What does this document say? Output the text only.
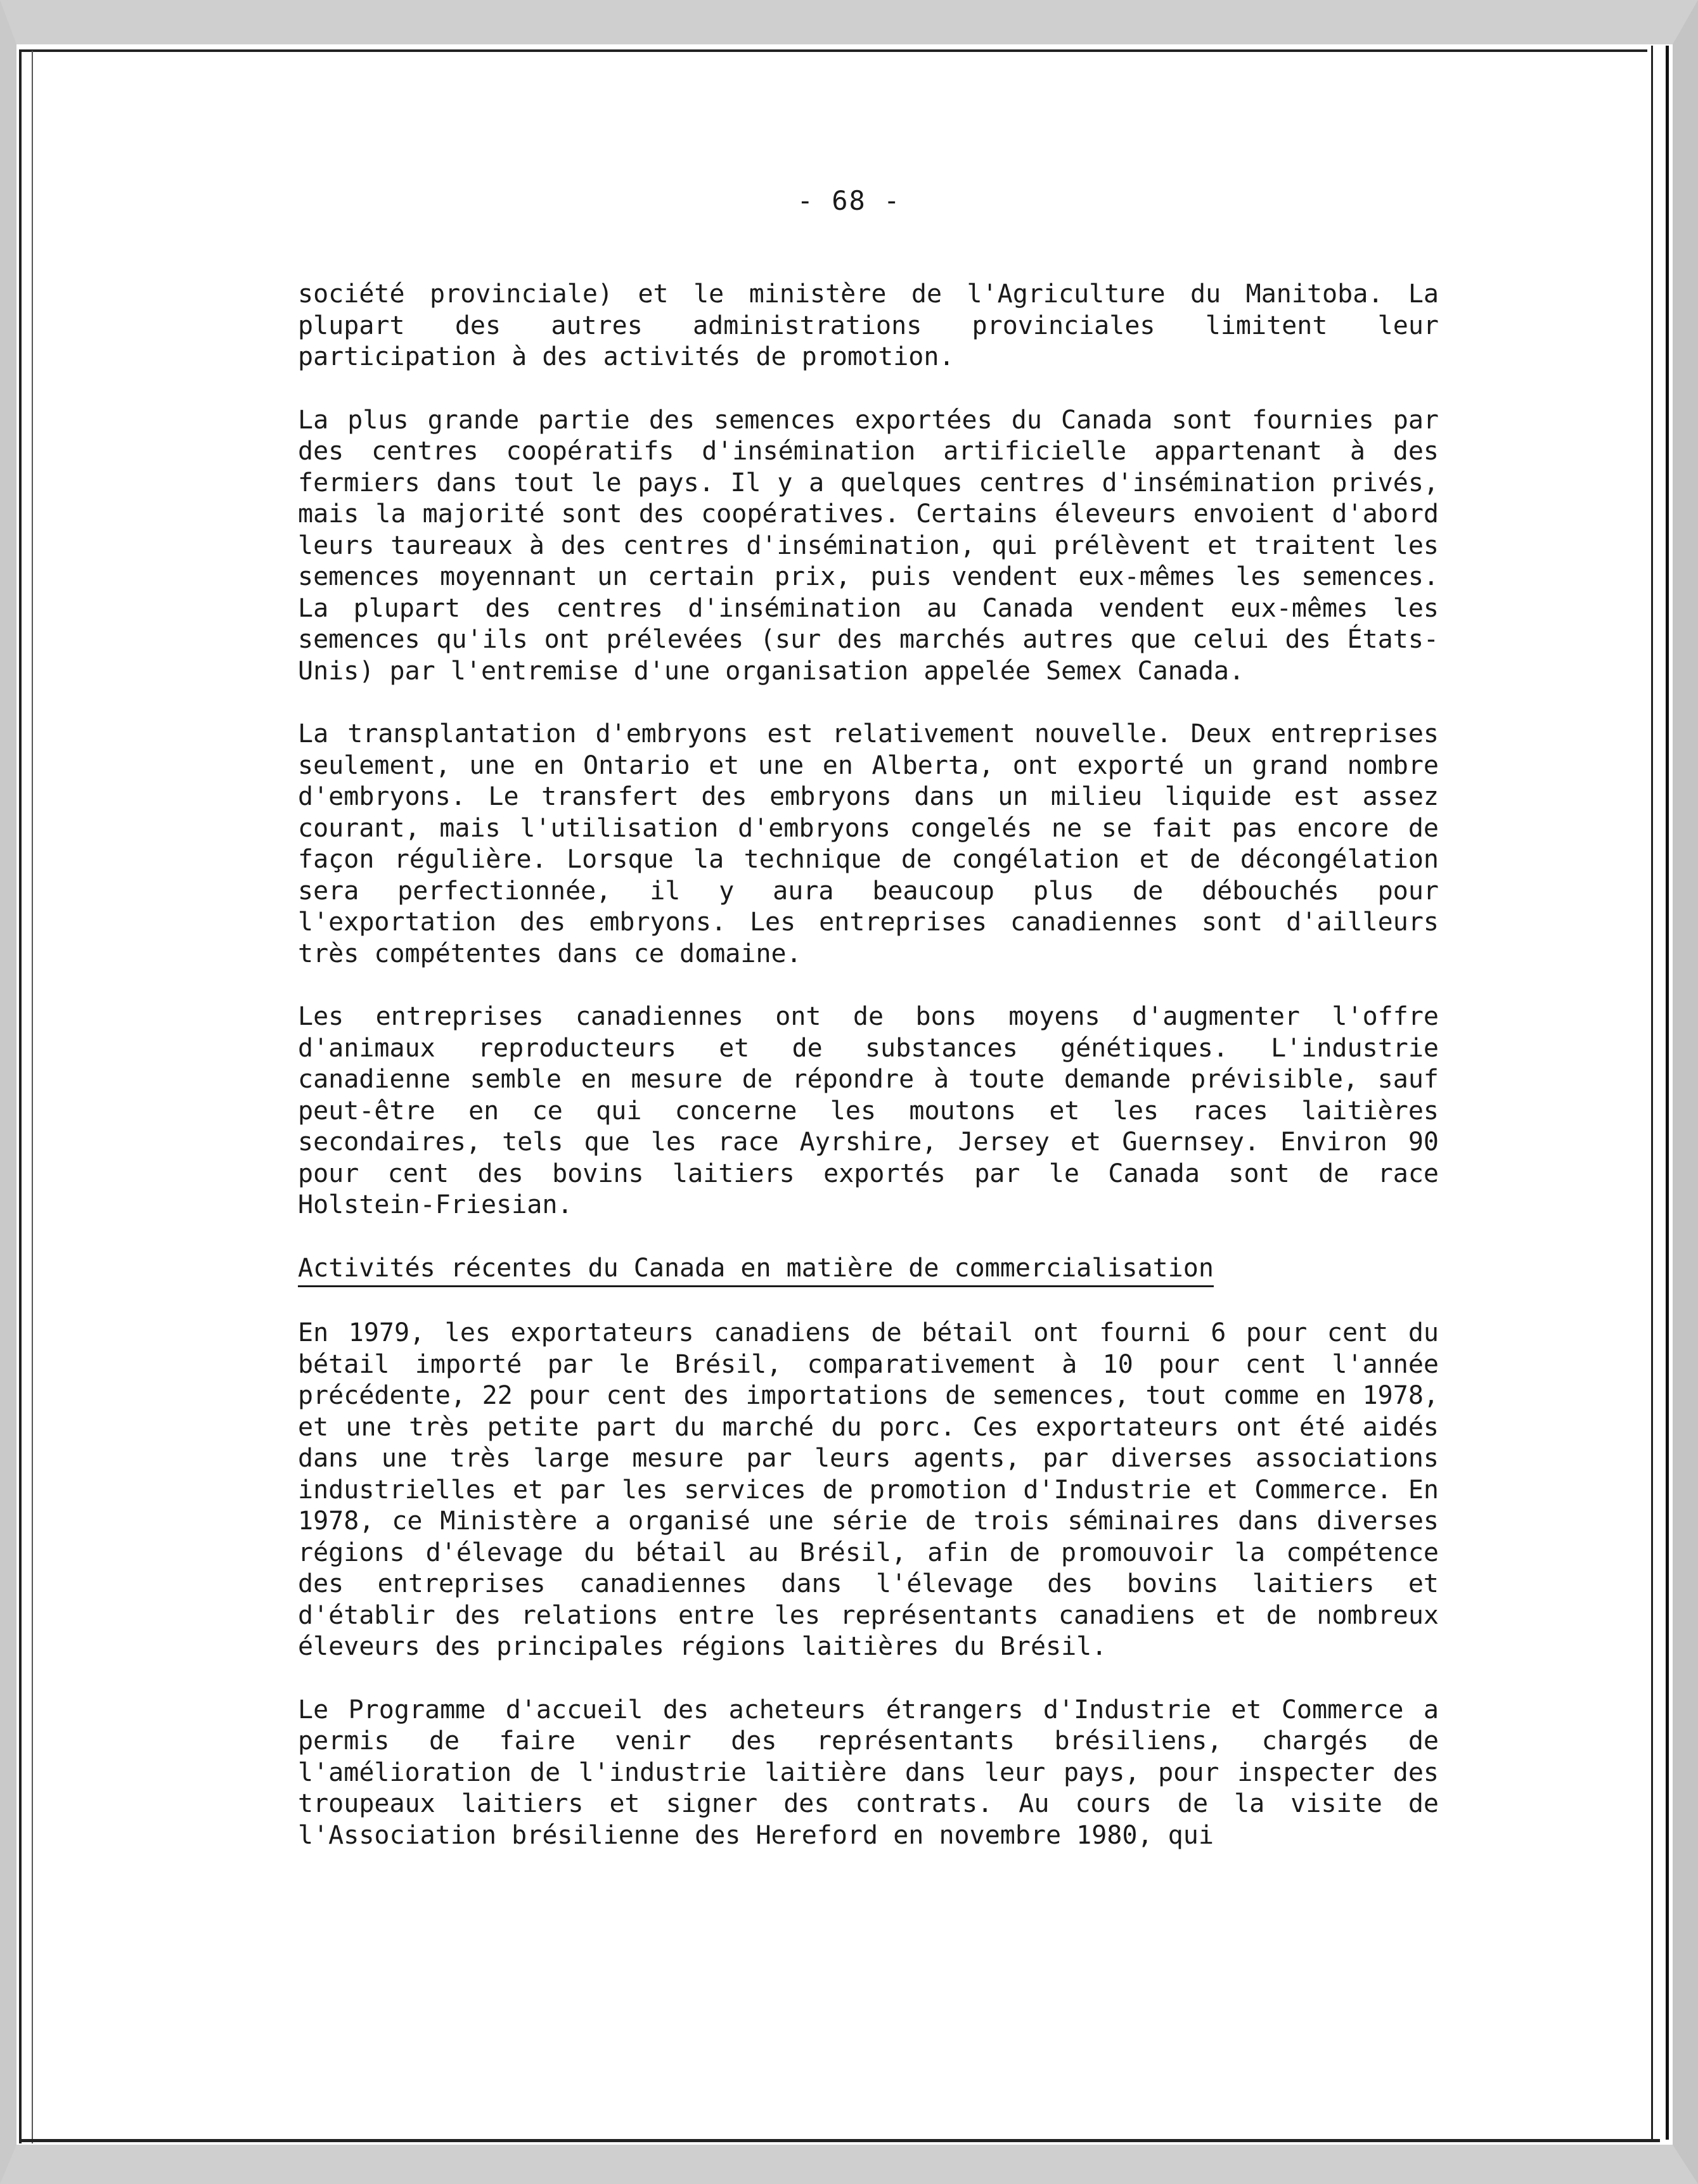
- 68 -

société provinciale) et le ministère de l'Agriculture du Manitoba. La plupart des autres administrations provinciales limitent leur participation à des activités de promotion.

La plus grande partie des semences exportées du Canada sont fournies par des centres coopératifs d'insémination artificielle appartenant à des fermiers dans tout le pays. Il y a quelques centres d'insémination privés, mais la majorité sont des coopératives. Certains éleveurs envoient d'abord leurs taureaux à des centres d'insémination, qui prélèvent et traitent les semences moyennant un certain prix, puis vendent eux-mêmes les semences. La plupart des centres d'insémination au Canada vendent eux-mêmes les semences qu'ils ont prélevées (sur des marchés autres que celui des États-Unis) par l'entremise d'une organisation appelée Semex Canada.

La transplantation d'embryons est relativement nouvelle. Deux entreprises seulement, une en Ontario et une en Alberta, ont exporté un grand nombre d'embryons. Le transfert des embryons dans un milieu liquide est assez courant, mais l'utilisation d'embryons congelés ne se fait pas encore de façon régulière. Lorsque la technique de congélation et de décongélation sera perfectionnée, il y aura beaucoup plus de débouchés pour l'exportation des embryons. Les entreprises canadiennes sont d'ailleurs très compétentes dans ce domaine.

Les entreprises canadiennes ont de bons moyens d'augmenter l'offre d'animaux reproducteurs et de substances génétiques. L'industrie canadienne semble en mesure de répondre à toute demande prévisible, sauf peut-être en ce qui concerne les moutons et les races laitières secondaires, tels que les race Ayrshire, Jersey et Guernsey. Environ 90 pour cent des bovins laitiers exportés par le Canada sont de race Holstein-Friesian.

Activités récentes du Canada en matière de commercialisation

En 1979, les exportateurs canadiens de bétail ont fourni 6 pour cent du bétail importé par le Brésil, comparativement à 10 pour cent l'année précédente, 22 pour cent des importations de semences, tout comme en 1978, et une très petite part du marché du porc. Ces exportateurs ont été aidés dans une très large mesure par leurs agents, par diverses associations industrielles et par les services de promotion d'Industrie et Commerce. En 1978, ce Ministère a organisé une série de trois séminaires dans diverses régions d'élevage du bétail au Brésil, afin de promouvoir la compétence des entreprises canadiennes dans l'élevage des bovins laitiers et d'établir des relations entre les représentants canadiens et de nombreux éleveurs des principales régions laitières du Brésil.

Le Programme d'accueil des acheteurs étrangers d'Industrie et Commerce a permis de faire venir des représentants brésiliens, chargés de l'amélioration de l'industrie laitière dans leur pays, pour inspecter des troupeaux laitiers et signer des contrats. Au cours de la visite de l'Association brésilienne des Hereford en novembre 1980, qui
